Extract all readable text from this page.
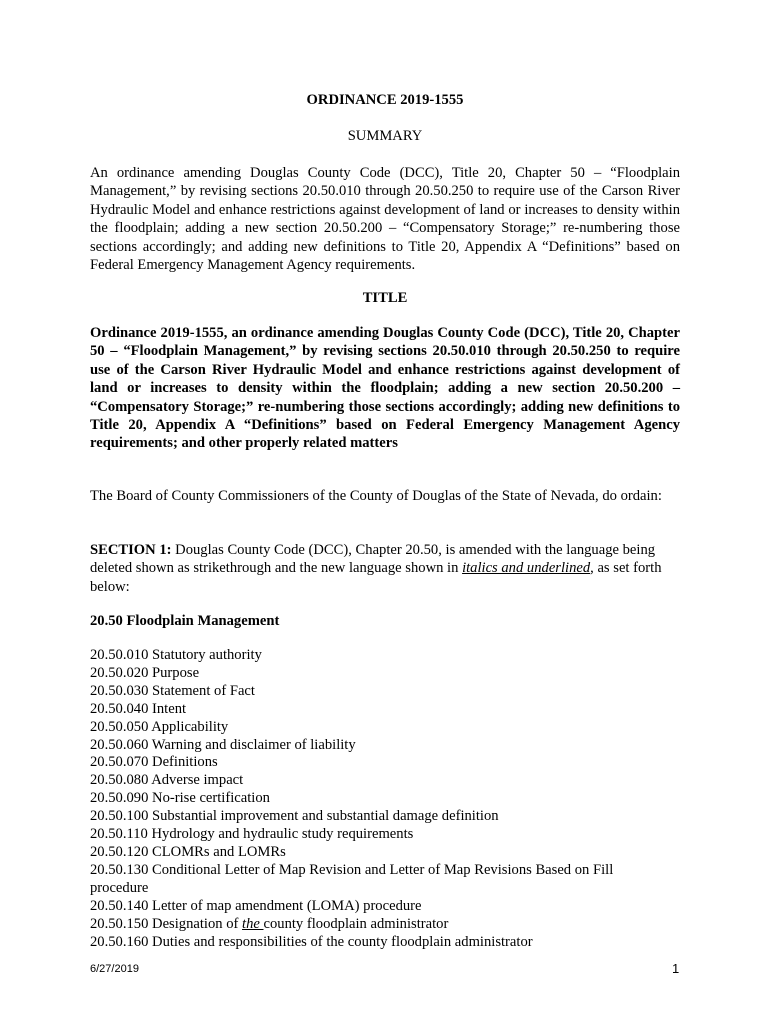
ORDINANCE 2019-1555
SUMMARY
An ordinance amending Douglas County Code (DCC), Title 20, Chapter 50 – “Floodplain Management,” by revising sections 20.50.010 through 20.50.250 to require use of the Carson River Hydraulic Model and enhance restrictions against development of land or increases to density within the floodplain; adding a new section 20.50.200 – “Compensatory Storage;” re-numbering those sections accordingly; and adding new definitions to Title 20, Appendix A “Definitions” based on Federal Emergency Management Agency requirements.
TITLE
Ordinance 2019-1555, an ordinance amending Douglas County Code (DCC), Title 20, Chapter 50 – “Floodplain Management,” by revising sections 20.50.010 through 20.50.250 to require use of the Carson River Hydraulic Model and enhance restrictions against development of land or increases to density within the floodplain; adding a new section 20.50.200 – “Compensatory Storage;” re-numbering those sections accordingly; adding new definitions to Title 20, Appendix A “Definitions” based on Federal Emergency Management Agency requirements; and other properly related matters
The Board of County Commissioners of the County of Douglas of the State of Nevada, do ordain:
SECTION 1: Douglas County Code (DCC), Chapter 20.50, is amended with the language being deleted shown as strikethrough and the new language shown in italics and underlined, as set forth below:
20.50 Floodplain Management
20.50.010 Statutory authority
20.50.020 Purpose
20.50.030 Statement of Fact
20.50.040 Intent
20.50.050 Applicability
20.50.060 Warning and disclaimer of liability
20.50.070 Definitions
20.50.080 Adverse impact
20.50.090 No-rise certification
20.50.100 Substantial improvement and substantial damage definition
20.50.110 Hydrology and hydraulic study requirements
20.50.120 CLOMRs and LOMRs
20.50.130 Conditional Letter of Map Revision and Letter of Map Revisions Based on Fill procedure
20.50.140 Letter of map amendment (LOMA) procedure
20.50.150 Designation of the county floodplain administrator
20.50.160 Duties and responsibilities of the county floodplain administrator
6/27/2019	1
